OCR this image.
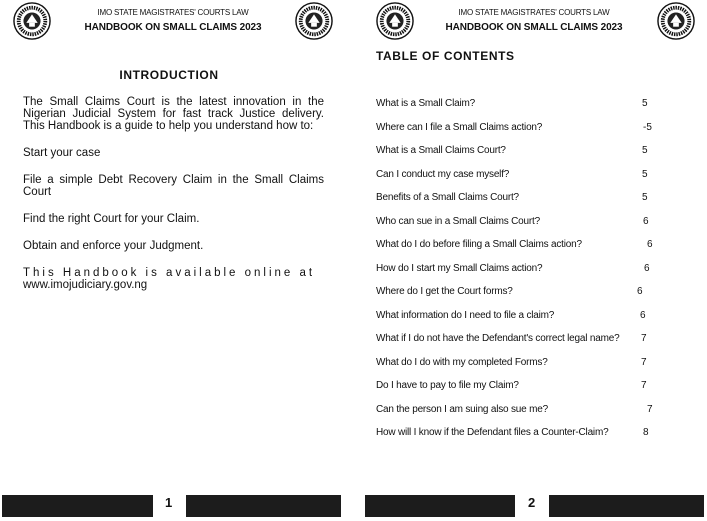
IMO STATE MAGISTRATES' COURTS LAW
HANDBOOK ON SMALL CLAIMS 2023
INTRODUCTION

The Small Claims Court is the latest innovation in the Nigerian Judicial System for fast track Justice delivery. This Handbook is a guide to help you understand how to:

Start your case

File a simple Debt Recovery Claim in the Small Claims Court

Find the right Court for your Claim.

Obtain and enforce your Judgment.

This Handbook is available online at
www.imojudiciary.gov.ng

1
IMO STATE MAGISTRATES' COURTS LAW
HANDBOOK ON SMALL CLAIMS 2023
TABLE OF CONTENTS
What is a Small Claim?	5
Where can I file a Small Claims action?	-5
What is a Small Claims Court?	5
Can I conduct my case myself?	5
Benefits of a Small Claims Court?	5
Who can sue in a Small Claims Court?	6
What do I do before filing a Small Claims action?	6
How do I start my Small Claims action?	6
Where do I get the Court forms?	6
What information do I need to file a claim?	6
What if I do not have the Defendant's correct legal name? 7
What do I do with my completed Forms?	7
Do I have to pay to file my Claim?	7
Can the person I am suing also sue me?	7
How will I know if the Defendant files a Counter-Claim?	8
2
